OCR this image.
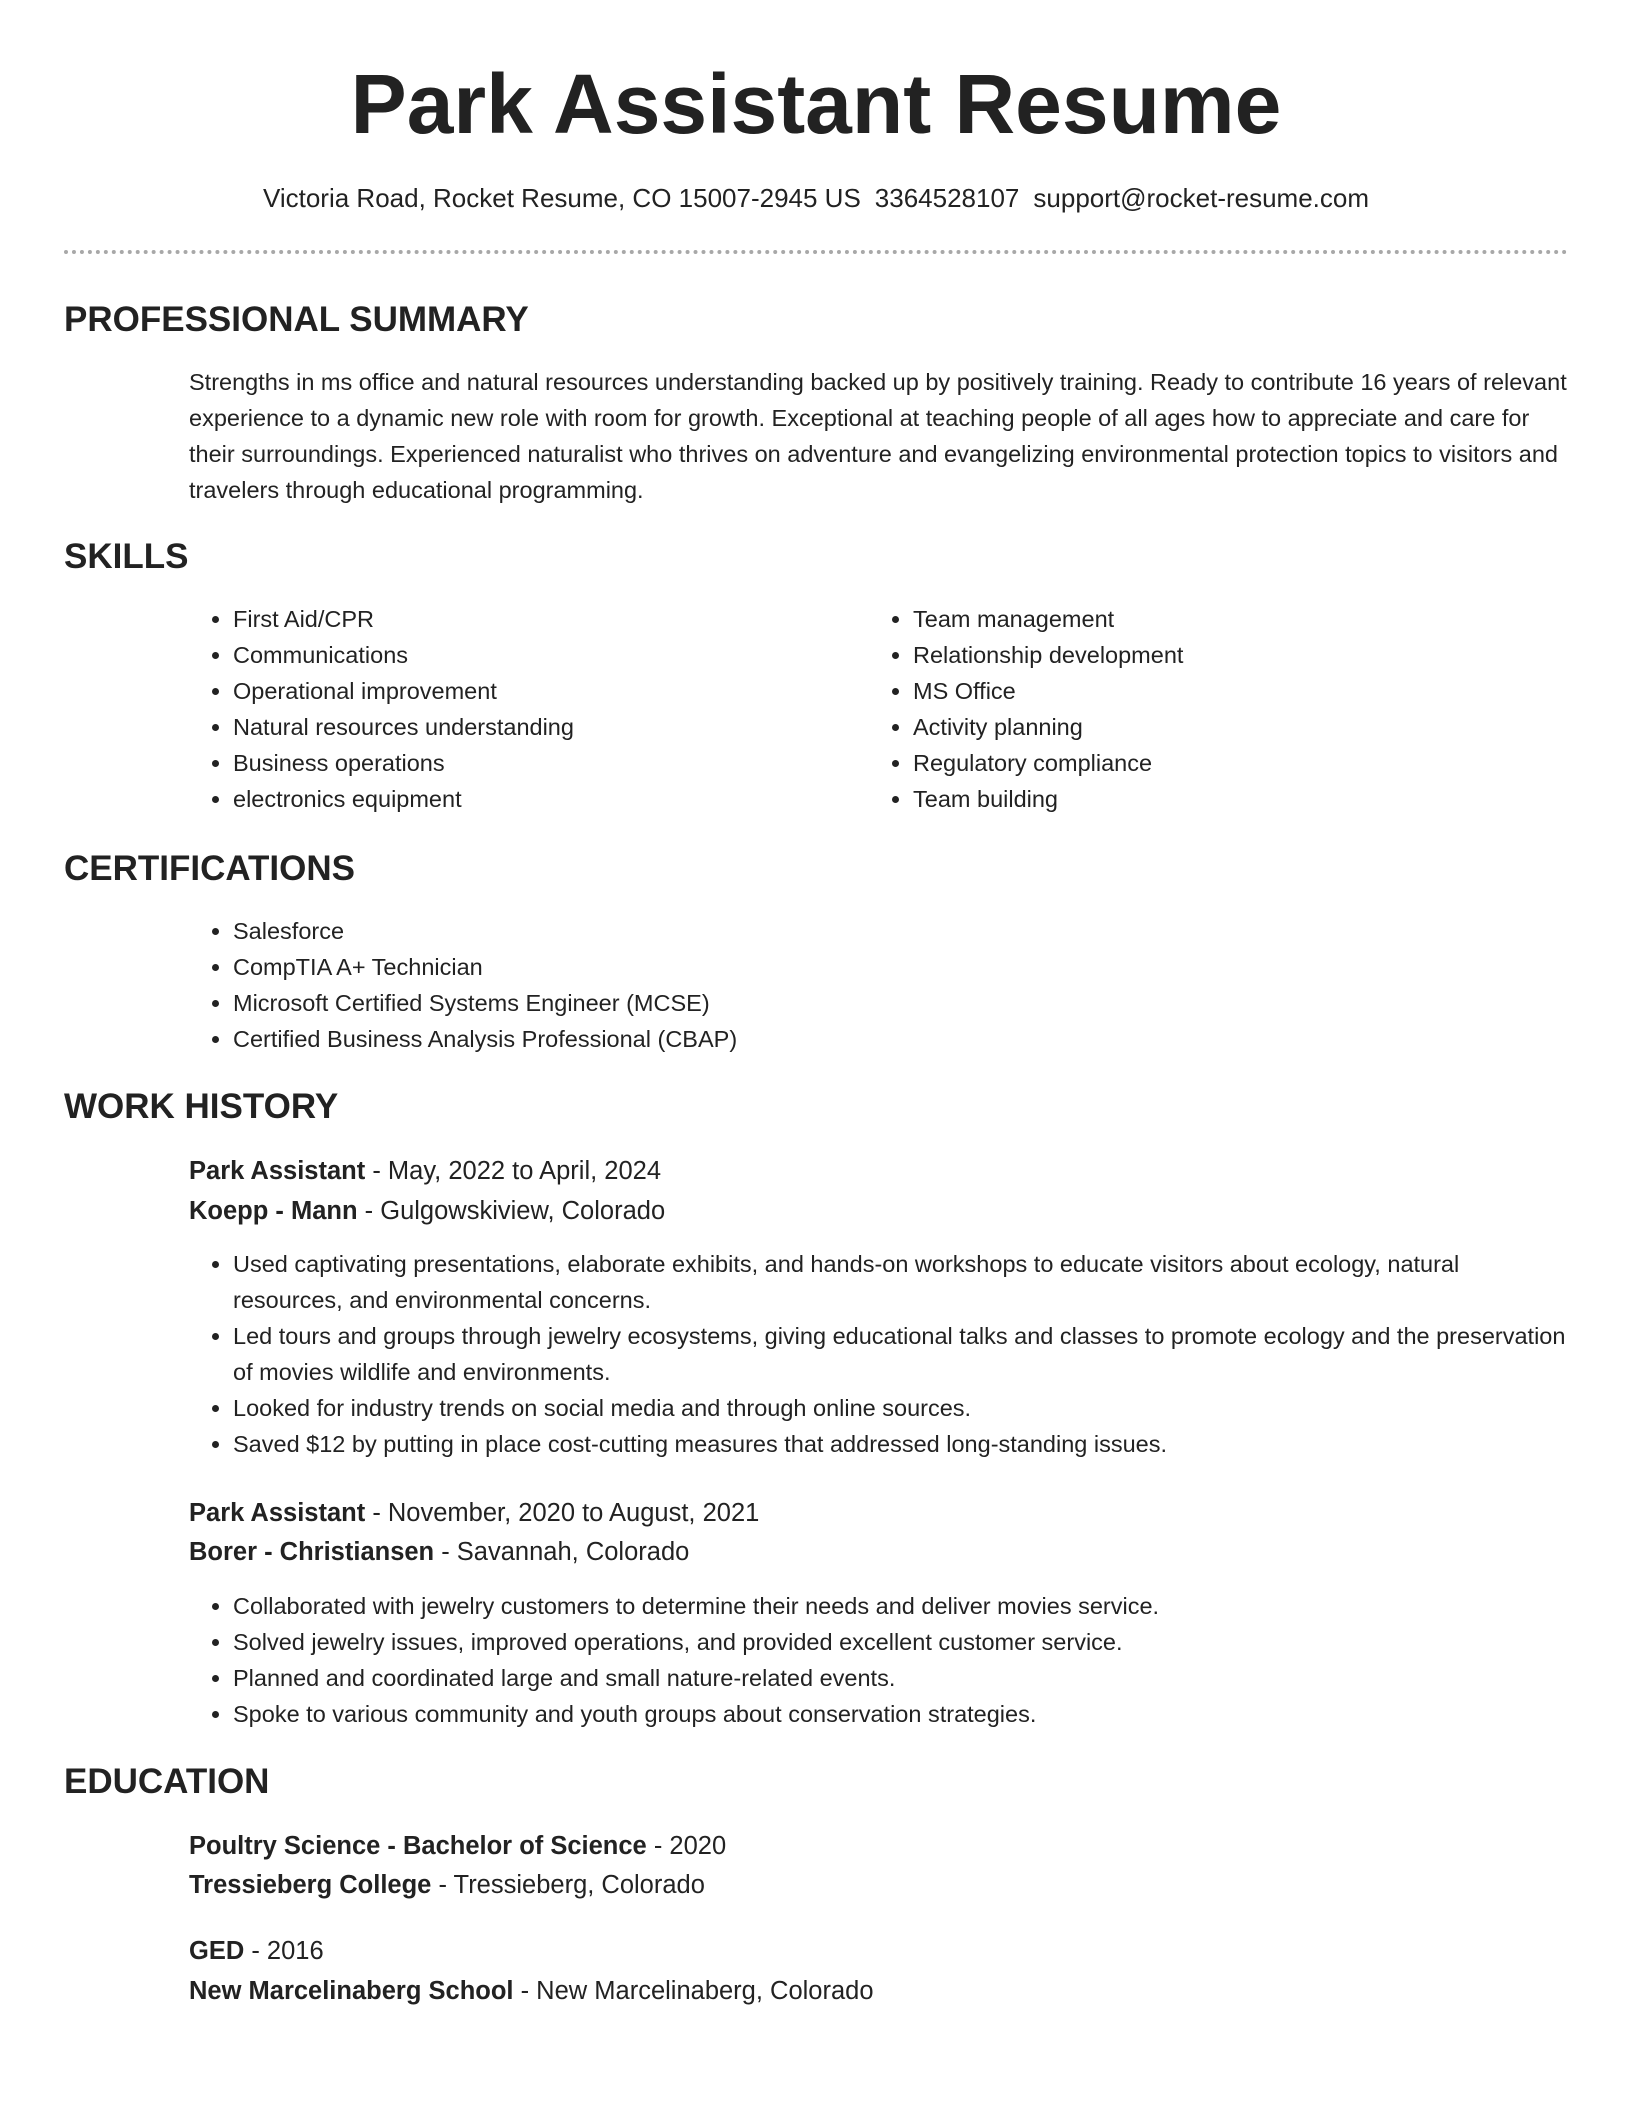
Park Assistant Resume
Victoria Road, Rocket Resume, CO 15007-2945 US 3364528107 support@rocket-resume.com
PROFESSIONAL SUMMARY

Strengths in ms office and natural resources understanding backed up by positively training. Ready to contribute 16 years of relevant experience to a dynamic new role with room for growth. Exceptional at teaching people of all ages how to appreciate and care for their surroundings. Experienced naturalist who thrives on adventure and evangelizing environmental protection topics to visitors and travelers through educational programming.

SKILLS
• First Aid/CPR
• Communications
• Operational improvement
• Natural resources understanding
• Business operations
• electronics equipment
• Team management
• Relationship development
• MS Office
• Activity planning
• Regulatory compliance
• Team building
CERTIFICATIONS
• Salesforce
• CompTIA A+ Technician
• Microsoft Certified Systems Engineer (MCSE)
• Certified Business Analysis Professional (CBAP)
WORK HISTORY
Park Assistant - May, 2022 to April, 2024
Koepp - Mann - Gulgowskiview, Colorado
• Used captivating presentations, elaborate exhibits, and hands-on workshops to educate visitors about ecology, natural resources, and environmental concerns.
• Led tours and groups through jewelry ecosystems, giving educational talks and classes to promote ecology and the preservation of movies wildlife and environments.
• Looked for industry trends on social media and through online sources.
• Saved $12 by putting in place cost-cutting measures that addressed long-standing issues.
Park Assistant - November, 2020 to August, 2021
Borer - Christiansen - Savannah, Colorado
• Collaborated with jewelry customers to determine their needs and deliver movies service.
• Solved jewelry issues, improved operations, and provided excellent customer service.
• Planned and coordinated large and small nature-related events.
• Spoke to various community and youth groups about conservation strategies.
EDUCATION
Poultry Science - Bachelor of Science - 2020
Tressieberg College - Tressieberg, Colorado
GED - 2016
New Marcelinaberg School - New Marcelinaberg, Colorado
